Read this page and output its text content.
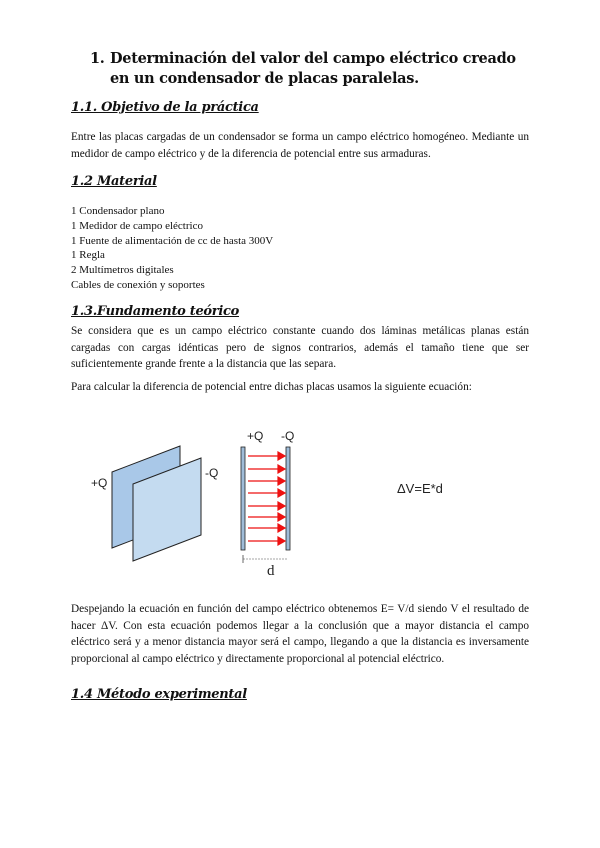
1. Determinación del valor del campo eléctrico creado en un condensador de placas paralelas.
1.1. Objetivo de la práctica
Entre las placas cargadas de un condensador se forma un campo eléctrico homogéneo. Mediante un medidor de campo eléctrico y de la diferencia de potencial entre sus armaduras.
1.2 Material
1 Condensador plano
1 Medidor de campo eléctrico
1 Fuente de alimentación de cc de hasta 300V
1 Regla
2 Multímetros digitales
Cables de conexión y soportes
1.3.Fundamento teórico
Se considera que es un campo eléctrico constante cuando dos láminas metálicas planas están cargadas con cargas idénticas pero de signos contrarios, además el tamaño tiene que ser suficientemente grande frente a la distancia que las separa.
Para calcular la diferencia de potencial entre dichas placas usamos la siguiente ecuación:
+Q
-Q
+Q -Q
d
ΔV=E*d
Despejando la ecuación en función del campo eléctrico obtenemos E= V/d siendo V el resultado de hacer ΔV. Con esta ecuación podemos llegar a la conclusión que a mayor distancia el campo eléctrico será y a menor distancia mayor será el campo, llegando a que la distancia es inversamente proporcional al campo eléctrico y directamente proporcional al potencial eléctrico.
1.4 Método experimental
